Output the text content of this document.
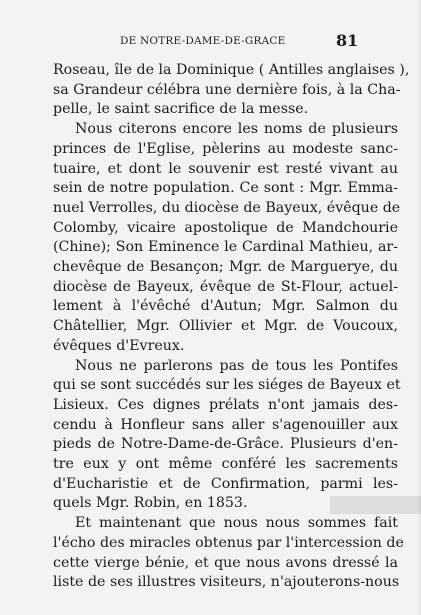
DE NOTRE-DAME-DE-GRACE	81
Roseau, île de la Dominique ( Antilles anglaises ),
sa Grandeur célébra une dernière fois, à la Cha-
pelle, le saint sacrifice de la messe.
Nous citerons encore les noms de plusieurs
princes de l'Eglise, pèlerins au modeste sanc-
tuaire, et dont le souvenir est resté vivant au
sein de notre population. Ce sont : Mgr. Emma-
nuel Verrolles, du diocèse de Bayeux, évêque de
Colomby, vicaire apostolique de Mandchourie
(Chine); Son Eminence le Cardinal Mathieu, ar-
chevêque de Besançon; Mgr. de Marguerye, du
diocèse de Bayeux, évêque de St-Flour, actuel-
lement à l'évêché d'Autun; Mgr. Salmon du
Châtellier, Mgr. Ollivier et Mgr. de Voucoux,
évêques d'Evreux.
Nous ne parlerons pas de tous les Pontifes
qui se sont succédés sur les siéges de Bayeux et
Lisieux. Ces dignes prélats n'ont jamais des-
cendu à Honfleur sans aller s'agenouiller aux
pieds de Notre-Dame-de-Grâce. Plusieurs d'en-
tre eux y ont même conféré les sacrements
d'Eucharistie et de Confirmation, parmi les-
quels Mgr. Robin, en 1853.
Et maintenant que nous nous sommes fait
l'écho des miracles obtenus par l'intercession de
cette vierge bénie, et que nous avons dressé la
liste de ses illustres visiteurs, n'ajouterons-nous
